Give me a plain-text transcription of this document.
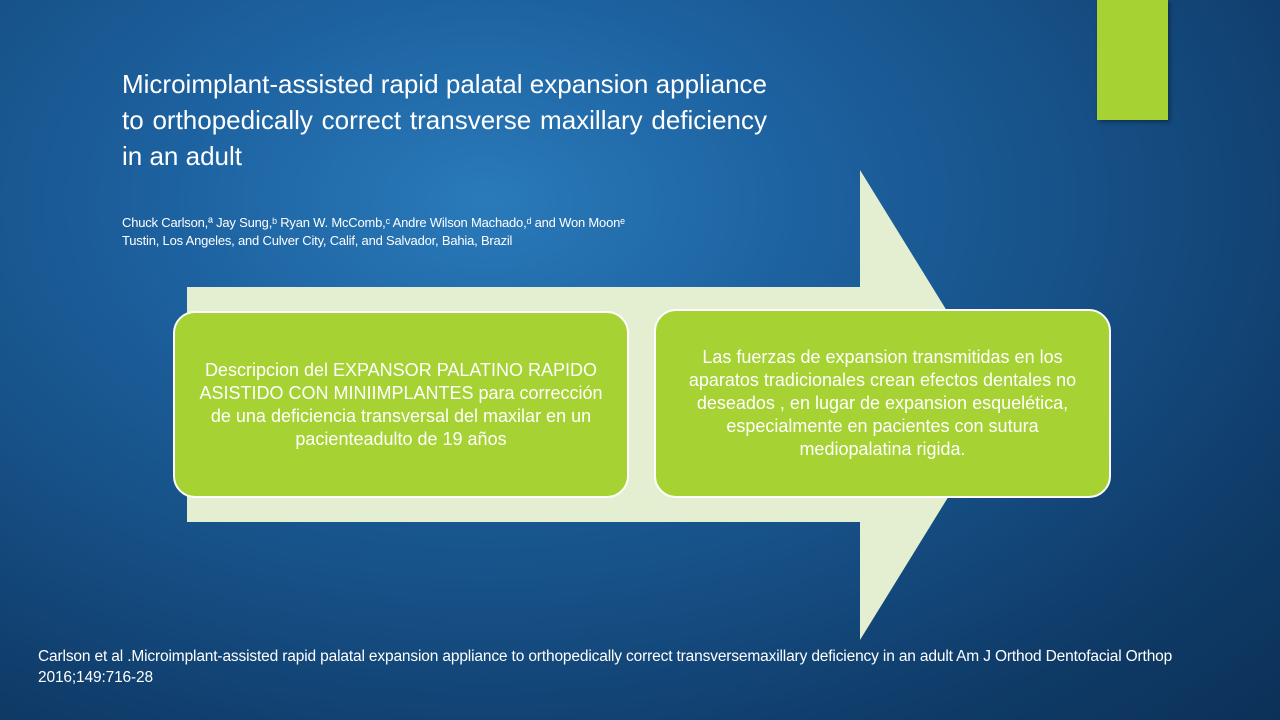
Microimplant-assisted rapid palatal expansion appliance to orthopedically correct transverse maxillary deficiency in an adult
Chuck Carlson,ª Jay Sung,ᵇ Ryan W. McComb,ᶜ Andre Wilson Machado,ᵈ and Won Moonᵉ
Tustin, Los Angeles, and Culver City, Calif, and Salvador, Bahia, Brazil
Descripcion del EXPANSOR PALATINO RAPIDO ASISTIDO CON MINIIMPLANTES para corrección de una deficiencia transversal del maxilar en un pacienteadulto de 19 años
Las fuerzas de expansion transmitidas en los aparatos tradicionales crean efectos dentales no deseados , en lugar de expansion esquelética, especialmente en pacientes con sutura mediopalatina rigida.
Carlson et al .Microimplant-assisted rapid palatal expansion appliance to orthopedically correct transversemaxillary deficiency in an adult Am J Orthod Dentofacial Orthop 2016;149:716-28
